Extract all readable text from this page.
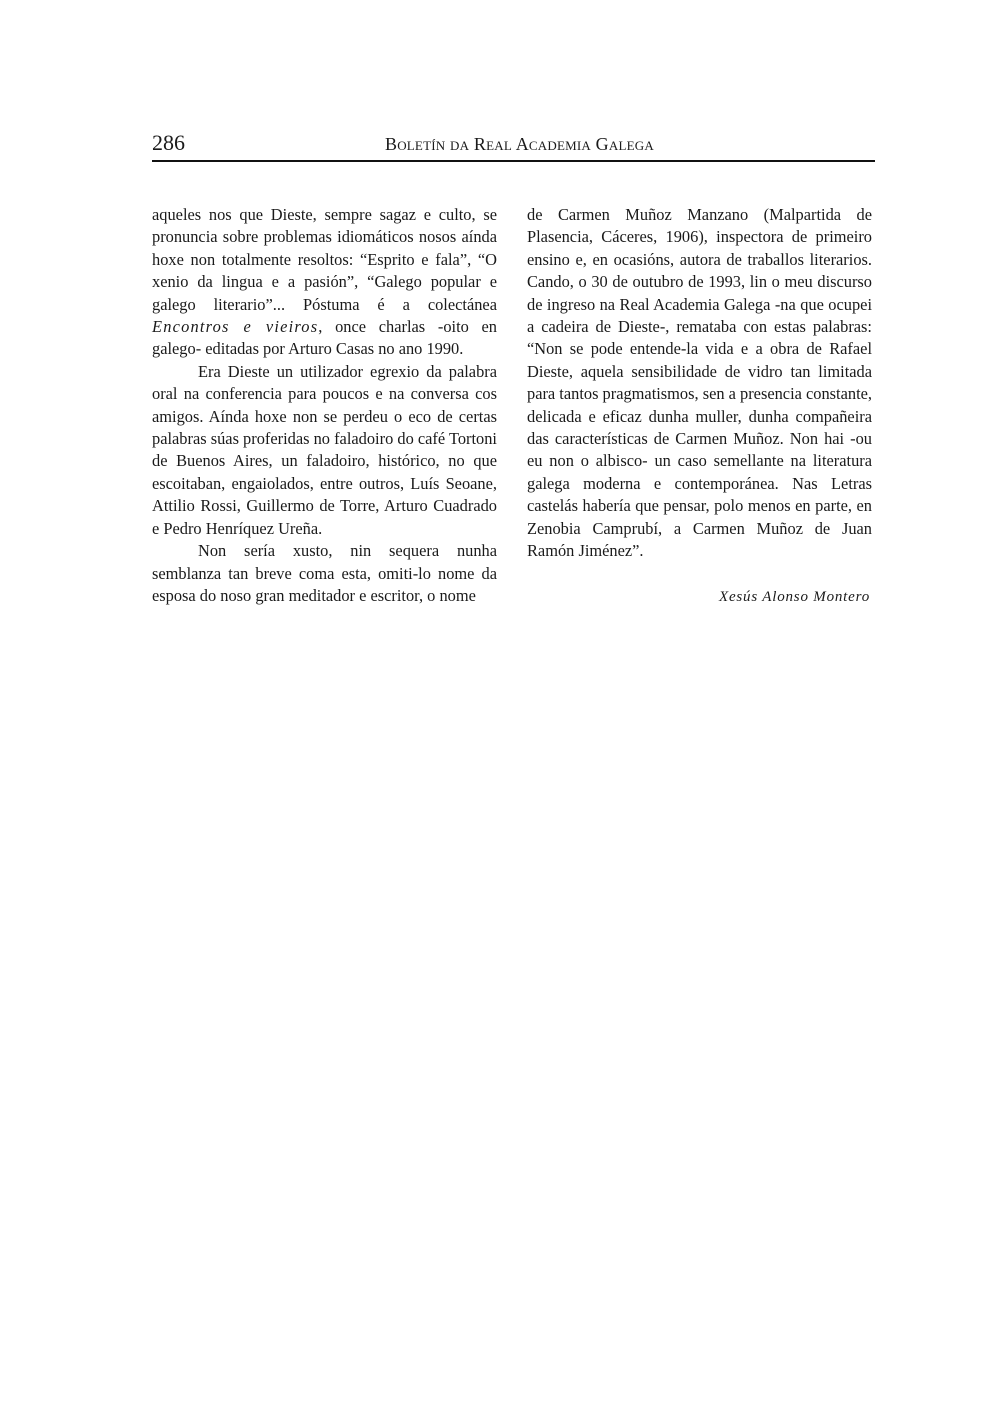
286	Boletín da Real Academia Galega

aqueles nos que Dieste, sempre sagaz e culto, se pronuncia sobre problemas idiomáticos nosos aínda hoxe non totalmente resoltos: “Esprito e fala”, “O xenio da lingua e a pasión”, “Galego popular e galego literario”... Póstuma é a colectánea Encontros e vieiros, once charlas -oito en galego- editadas por Arturo Casas no ano 1990.

Era Dieste un utilizador egrexio da palabra oral na conferencia para poucos e na conversa cos amigos. Aínda hoxe non se perdeu o eco de certas palabras súas proferidas no faladoiro do café Tortoni de Buenos Aires, un faladoiro, histórico, no que escoitaban, engaiolados, entre outros, Luís Seoane, Attilio Rossi, Guillermo de Torre, Arturo Cuadrado e Pedro Henríquez Ureña.

Non sería xusto, nin sequera nunha semblanza tan breve coma esta, omiti-lo nome da esposa do noso gran meditador e escritor, o nome

de Carmen Muñoz Manzano (Malpartida de Plasencia, Cáceres, 1906), inspectora de primeiro ensino e, en ocasións, autora de traballos literarios. Cando, o 30 de outubro de 1993, lin o meu discurso de ingreso na Real Academia Galega -na que ocupei a cadeira de Dieste-, remataba con estas palabras: “Non se pode entende-la vida e a obra de Rafael Dieste, aquela sensibilidade de vidro tan limitada para tantos pragmatismos, sen a presencia constante, delicada e eficaz dunha muller, dunha compañeira das características de Carmen Muñoz. Non hai -ou eu non o albisco- un caso semellante na literatura galega moderna e contemporánea. Nas Letras castelás habería que pensar, polo menos en parte, en Zenobia Camprubí, a Carmen Muñoz de Juan Ramón Jiménez”.

Xesús Alonso Montero
